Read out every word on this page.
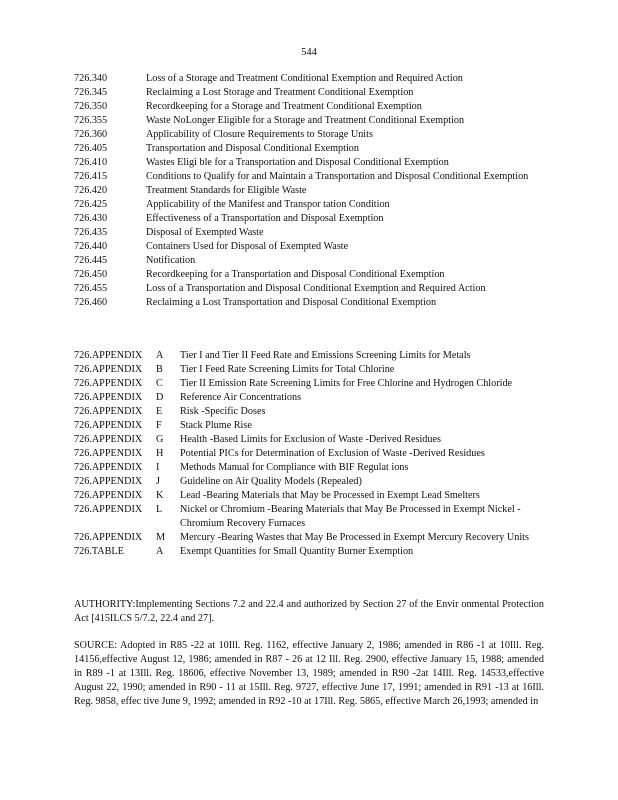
544
726.340	Loss of a Storage and Treatment Conditional Exemption and Required Action
726.345	Reclaiming a Lost Storage and Treatment Conditional Exemption
726.350	Recordkeeping for a Storage and Treatment Conditional Exemption
726.355	Waste NoLonger Eligible for a Storage and Treatment Conditional Exemption
726.360	Applicability of Closure Requirements to Storage Units
726.405	Transportation and Disposal Conditional Exemption
726.410	Wastes Eligi ble for a Transportation and Disposal Conditional Exemption
726.415	Conditions to Qualify for and Maintain a Transportation and Disposal Conditional Exemption
726.420	Treatment Standards for Eligible Waste
726.425	Applicability of the Manifest and Transpor tation Condition
726.430	Effectiveness of a Transportation and Disposal Exemption
726.435	Disposal of Exempted Waste
726.440	Containers Used for Disposal of Exempted Waste
726.445	Notification
726.450	Recordkeeping for a Transportation and Disposal Conditional Exemption
726.455	Loss of a Transportation and Disposal Conditional Exemption and Required Action
726.460	Reclaiming a Lost Transportation and Disposal Conditional Exemption
726.APPENDIX	A	Tier I and Tier II Feed Rate and Emissions Screening Limits for Metals
726.APPENDIX	B	Tier I Feed Rate Screening Limits for Total Chlorine
726.APPENDIX	C	Tier II Emission Rate Screening Limits for Free Chlorine and Hydrogen Chloride
726.APPENDIX	D	Reference Air Concentrations
726.APPENDIX	E	Risk -Specific Doses
726.APPENDIX	F	Stack Plume Rise
726.APPENDIX	G	Health -Based Limits for Exclusion of Waste -Derived Residues
726.APPENDIX	H	Potential PICs for Determination of Exclusion of Waste -Derived Residues
726.APPENDIX	I	Methods Manual for Compliance with BIF Regulat ions
726.APPENDIX	J	Guideline on Air Quality Models (Repealed)
726.APPENDIX	K	Lead -Bearing Materials that May be Processed in Exempt Lead Smelters
726.APPENDIX	L	Nickel or Chromium -Bearing Materials that May Be Processed in Exempt Nickel -Chromium Recovery Furnaces
726.APPENDIX	M	Mercury -Bearing Wastes that May Be Processed in Exempt Mercury Recovery Units
726.TABLE	A	Exempt Quantities for Small Quantity Burner Exemption
AUTHORITY:Implementing Sections 7.2 and 22.4 and authorized by Section 27 of the Envir onmental Protection Act [415ILCS 5/7.2, 22.4 and 27].
SOURCE: Adopted in R85 -22 at 10Ill. Reg. 1162, effective January 2, 1986; amended in R86 -1 at 10Ill. Reg. 14156,effective August 12, 1986; amended in R87 - 26 at 12 Ill. Reg. 2900, effective January 15, 1988; amended in R89 -1 at 13Ill. Reg. 18606, effective November 13, 1989; amended in R90 -2at 14Ill. Reg. 14533,effective August 22, 1990; amended in R90 - 11 at 15Ill. Reg. 9727, effective June 17, 1991; amended in R91 -13 at 16Ill. Reg. 9858, effec tive June 9, 1992; amended in R92 -10 at 17Ill. Reg. 5865, effective March 26,1993; amended in
